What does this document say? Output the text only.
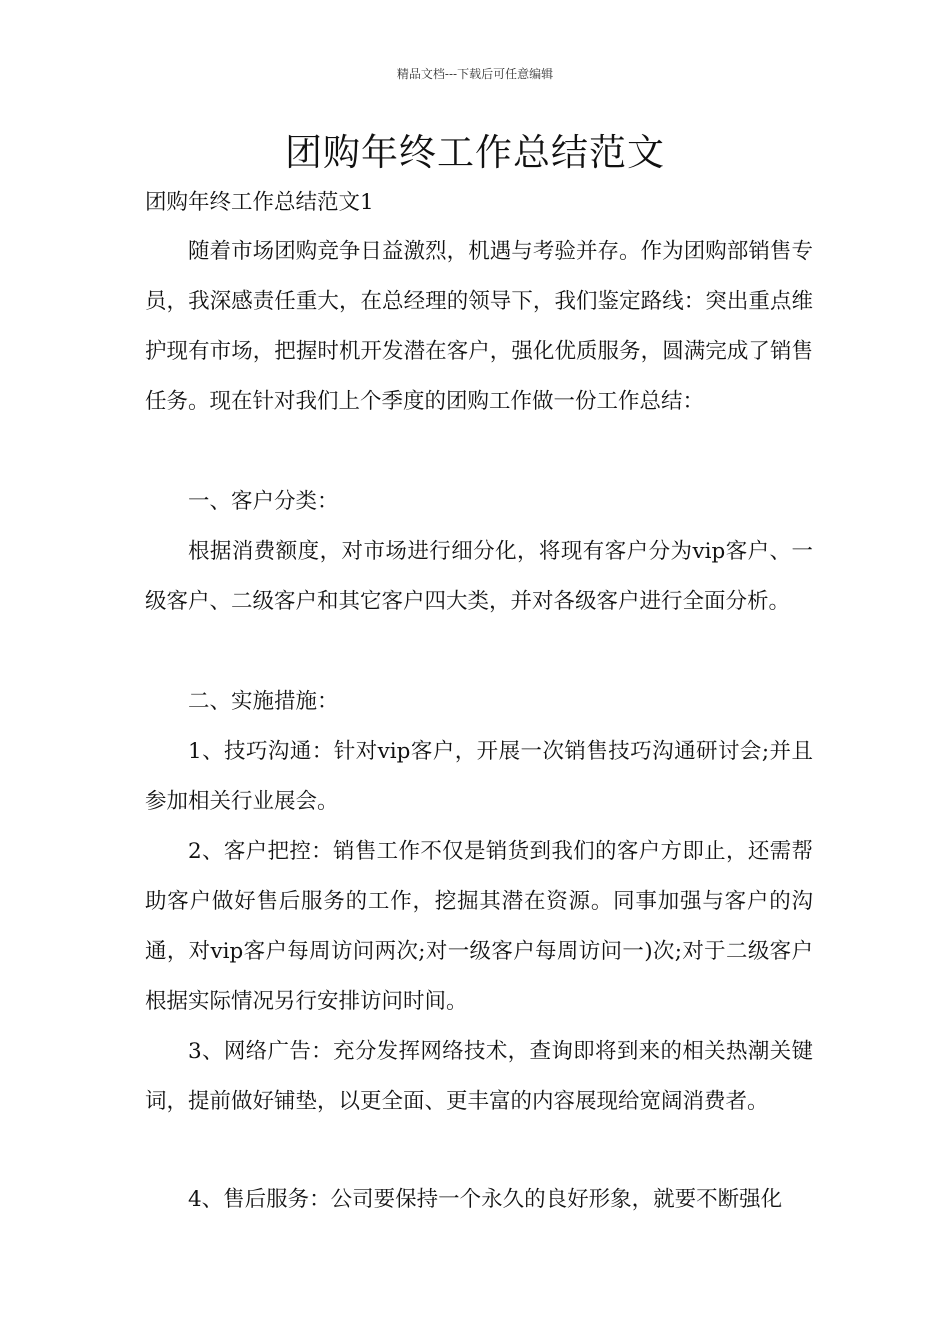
精品文档---下载后可任意编辑
团购年终工作总结范文
团购年终工作总结范文1

随着市场团购竞争日益激烈，机遇与考验并存。作为团购部销售专员，我深感责任重大，在总经理的领导下，我们鉴定路线：突出重点维护现有市场，把握时机开发潜在客户，强化优质服务，圆满完成了销售任务。现在针对我们上个季度的团购工作做一份工作总结：

一、客户分类：

根据消费额度，对市场进行细分化，将现有客户分为vip客户、一级客户、二级客户和其它客户四大类，并对各级客户进行全面分析。

二、实施措施：

1、技巧沟通：针对vip客户，开展一次销售技巧沟通研讨会;并且参加相关行业展会。

2、客户把控：销售工作不仅是销货到我们的客户方即止，还需帮助客户做好售后服务的工作，挖掘其潜在资源。同事加强与客户的沟通，对vip客户每周访问两次;对一级客户每周访问一)次;对于二级客户根据实际情况另行安排访问时间。

3、网络广告：充分发挥网络技术，查询即将到来的相关热潮关键词，提前做好铺垫，以更全面、更丰富的内容展现给宽阔消费者。

4、售后服务：公司要保持一个永久的良好形象，就要不断强化
